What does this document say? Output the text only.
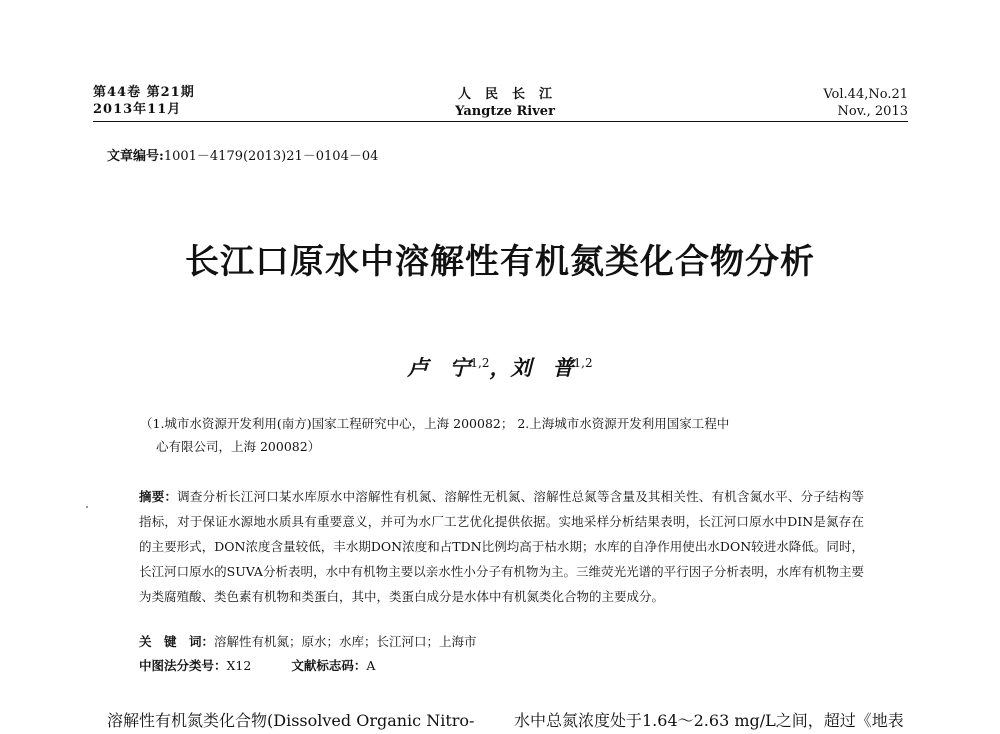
第44卷 第21期
2013年11月
人民长江
Yangtze River
Vol.44,No.21
Nov., 2013
文章编号:1001－4179(2013)21－0104－04
长江口原水中溶解性有机氮类化合物分析
卢　宁$^{1,2}$，刘　普$^{1,2}$
（1.城市水资源开发利用(南方)国家工程研究中心，上海 200082； 2.上海城市水资源开发利用国家工程中
心有限公司，上海 200082）
摘要：调查分析长江河口某水库原水中溶解性有机氮、溶解性无机氮、溶解性总氮等含量及其相关性、有机含氮水平、分子结构等指标，对于保证水源地水质具有重要意义，并可为水厂工艺优化提供依据。实地采样分析结果表明，长江河口原水中DIN是氮存在的主要形式，DON浓度含量较低，丰水期DON浓度和占TDN比例均高于枯水期；水库的自净作用使出水DON较进水降低。同时，长江河口原水的SUVA分析表明，水中有机物主要以亲水性小分子有机物为主。三维荧光光谱的平行因子分析表明，水库有机物主要为类腐殖酸、类色素有机物和类蛋白，其中，类蛋白成分是水体中有机氮类化合物的主要成分。
关　键　词：溶解性有机氮；原水；水库；长江河口；上海市
中图法分类号：X12	文献标志码：A
溶解性有机氮类化合物(Dissolved Organic Nitro- 水中总氮浓度处于1.64～2.63 mg/L之间，超过《地表
